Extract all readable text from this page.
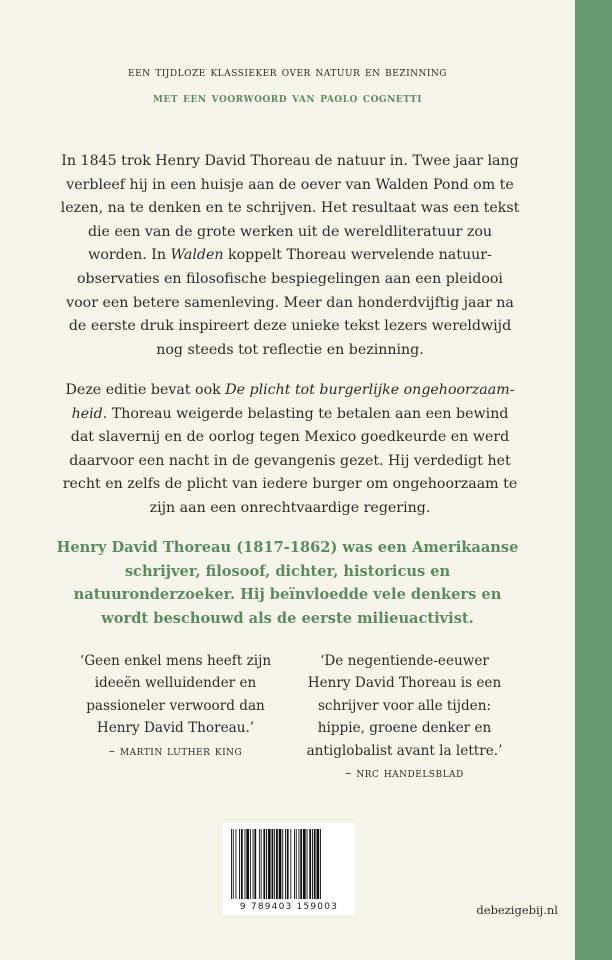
een tijdloze klassieker over natuur en bezinning
met een voorwoord van paolo cognetti

In 1845 trok Henry David Thoreau de natuur in. Twee jaar lang verbleef hij in een huisje aan de oever van Walden Pond om te lezen, na te denken en te schrijven. Het resultaat was een tekst die een van de grote werken uit de wereldliteratuur zou worden. In Walden koppelt Thoreau wervelende natuur-observaties en filosofische bespiegelingen aan een pleidooi voor een betere samenleving. Meer dan honderdvijftig jaar na de eerste druk inspireert deze unieke tekst lezers wereldwijd nog steeds tot reflectie en bezinning.

Deze editie bevat ook De plicht tot burgerlijke ongehoorzaam-heid. Thoreau weigerde belasting te betalen aan een bewind dat slavernij en de oorlog tegen Mexico goedkeurde en werd daarvoor een nacht in de gevangenis gezet. Hij verdedigt het recht en zelfs de plicht van iedere burger om ongehoorzaam te zijn aan een onrechtvaardige regering.

Henry David Thoreau (1817-1862) was een Amerikaanse schrijver, filosoof, dichter, historicus en natuuronderzoeker. Hij beïnvloedde vele denkers en wordt beschouwd als de eerste milieuactivist.

‘Geen enkel mens heeft zijn ideeën welluidender en passioneler verwoord dan Henry David Thoreau.’
– martin luther king
‘De negentiende-eeuwer Henry David Thoreau is een schrijver voor alle tijden: hippie, groene denker en antiglobalist avant la lettre.’
– nrc handelsblad
9 789403 159003	debezigebij.nl
